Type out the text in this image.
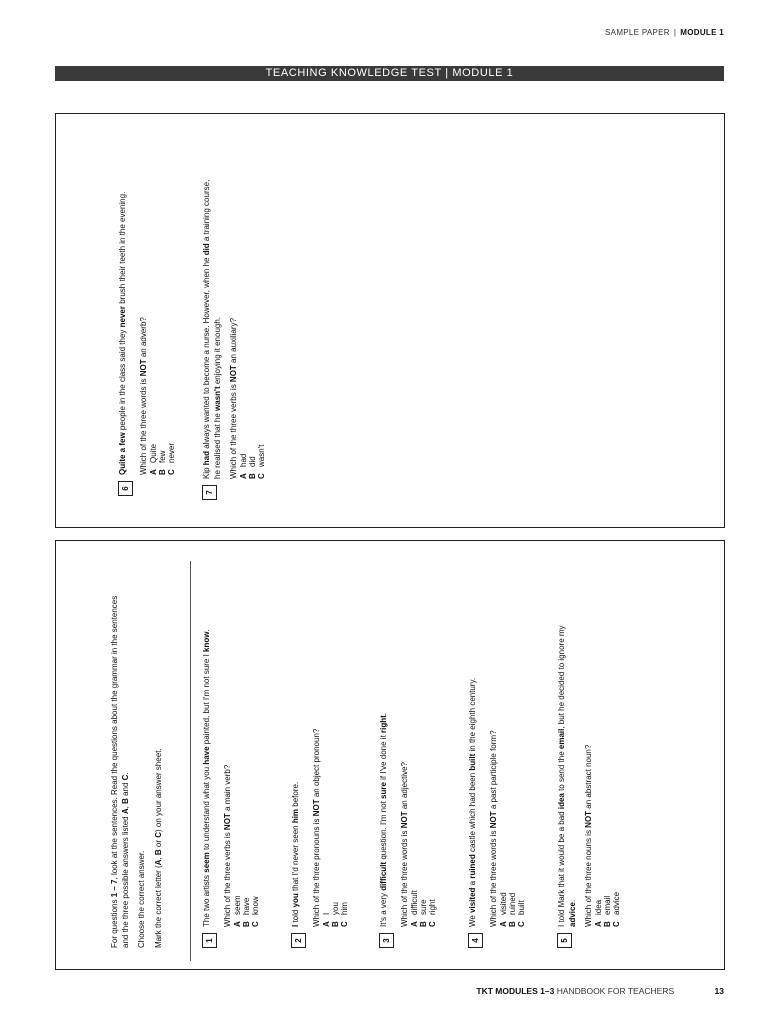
SAMPLE PAPER | MODULE 1
TEACHING KNOWLEDGE TEST | MODULE 1
6
Quite a few people in the class said they never brush their teeth in the evening.
Which of the three words is NOT an adverb?
AQuite
Bfew
Cnever
7
Kip had always wanted to become a nurse. However, when he did a training course,
he realised that he wasn't enjoying it enough.
Which of the three verbs is NOT an auxiliary?
Ahad
Bdid
Cwasn't

For questions 1 – 7, look at the sentences. Read the questions about the grammar in the sentences

and the three possible answers listed A, B and C.

Choose the correct answer. Mark the correct letter (A, B or C) on your answer sheet.

1
The two artists seem to understand what you have painted, but I'm not sure I know.
Which of the three verbs is NOT a main verb?
Aseem
Bhave
Cknow
2
I told you that I'd never seen him before.
Which of the three pronouns is NOT an object pronoun?
AI
Byou
Chim
3
It's a very difficult question. I'm not sure if I've done it right.
Which of the three words is NOT an adjective?
Adifficult
Bsure
Cright
4
We visited a ruined castle which had been built in the eighth century.
Which of the three words is NOT a past participle form?
Avisited
Bruined
Cbuilt
5
I told Mark that it would be a bad idea to send the email, but he decided to ignore my
advice. Which of the three nouns is NOT an abstract noun?
Aidea
Bemail
Cadvice
TKT MODULES 1–3 HANDBOOK FOR TEACHERS	13
